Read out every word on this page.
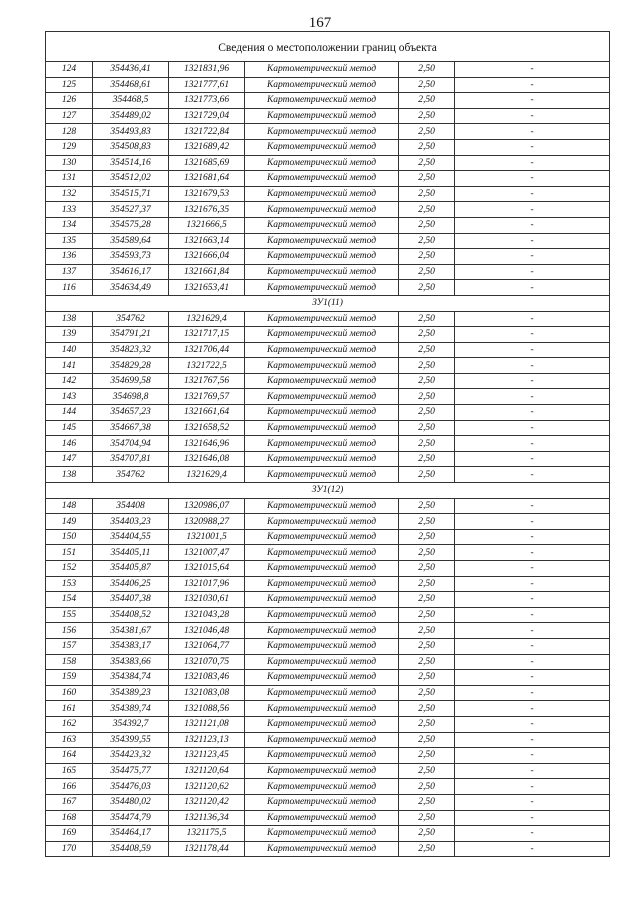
167
Сведения о местоположении границ объекта					
124	354436,41	1321831,96	Картометрический метод	2,50	-
125	354468,61	1321777,61	Картометрический метод	2,50	-
126	354468,5	1321773,66	Картометрический метод	2,50	-
127	354489,02	1321729,04	Картометрический метод	2,50	-
128	354493,83	1321722,84	Картометрический метод	2,50	-
129	354508,83	1321689,42	Картометрический метод	2,50	-
130	354514,16	1321685,69	Картометрический метод	2,50	-
131	354512,02	1321681,64	Картометрический метод	2,50	-
132	354515,71	1321679,53	Картометрический метод	2,50	-
133	354527,37	1321676,35	Картометрический метод	2,50	-
134	354575,28	1321666,5	Картометрический метод	2,50	-
135	354589,64	1321663,14	Картометрический метод	2,50	-
136	354593,73	1321666,04	Картометрический метод	2,50	-
137	354616,17	1321661,84	Картометрический метод	2,50	-
116	354634,49	1321653,41	Картометрический метод	2,50	-
ЗУ1(11)					
138	354762	1321629,4	Картометрический метод	2,50	-
139	354791,21	1321717,15	Картометрический метод	2,50	-
140	354823,32	1321706,44	Картометрический метод	2,50	-
141	354829,28	1321722,5	Картометрический метод	2,50	-
142	354699,58	1321767,56	Картометрический метод	2,50	-
143	354698,8	1321769,57	Картометрический метод	2,50	-
144	354657,23	1321661,64	Картометрический метод	2,50	-
145	354667,38	1321658,52	Картометрический метод	2,50	-
146	354704,94	1321646,96	Картометрический метод	2,50	-
147	354707,81	1321646,08	Картометрический метод	2,50	-
138	354762	1321629,4	Картометрический метод	2,50	-
ЗУ1(12)					
148	354408	1320986,07	Картометрический метод	2,50	-
149	354403,23	1320988,27	Картометрический метод	2,50	-
150	354404,55	1321001,5	Картометрический метод	2,50	-
151	354405,11	1321007,47	Картометрический метод	2,50	-
152	354405,87	1321015,64	Картометрический метод	2,50	-
153	354406,25	1321017,96	Картометрический метод	2,50	-
154	354407,38	1321030,61	Картометрический метод	2,50	-
155	354408,52	1321043,28	Картометрический метод	2,50	-
156	354381,67	1321046,48	Картометрический метод	2,50	-
157	354383,17	1321064,77	Картометрический метод	2,50	-
158	354383,66	1321070,75	Картометрический метод	2,50	-
159	354384,74	1321083,46	Картометрический метод	2,50	-
160	354389,23	1321083,08	Картометрический метод	2,50	-
161	354389,74	1321088,56	Картометрический метод	2,50	-
162	354392,7	1321121,08	Картометрический метод	2,50	-
163	354399,55	1321123,13	Картометрический метод	2,50	-
164	354423,32	1321123,45	Картометрический метод	2,50	-
165	354475,77	1321120,64	Картометрический метод	2,50	-
166	354476,03	1321120,62	Картометрический метод	2,50	-
167	354480,02	1321120,42	Картометрический метод	2,50	-
168	354474,79	1321136,34	Картометрический метод	2,50	-
169	354464,17	1321175,5	Картометрический метод	2,50	-
170	354408,59	1321178,44	Картометрический метод	2,50	-
